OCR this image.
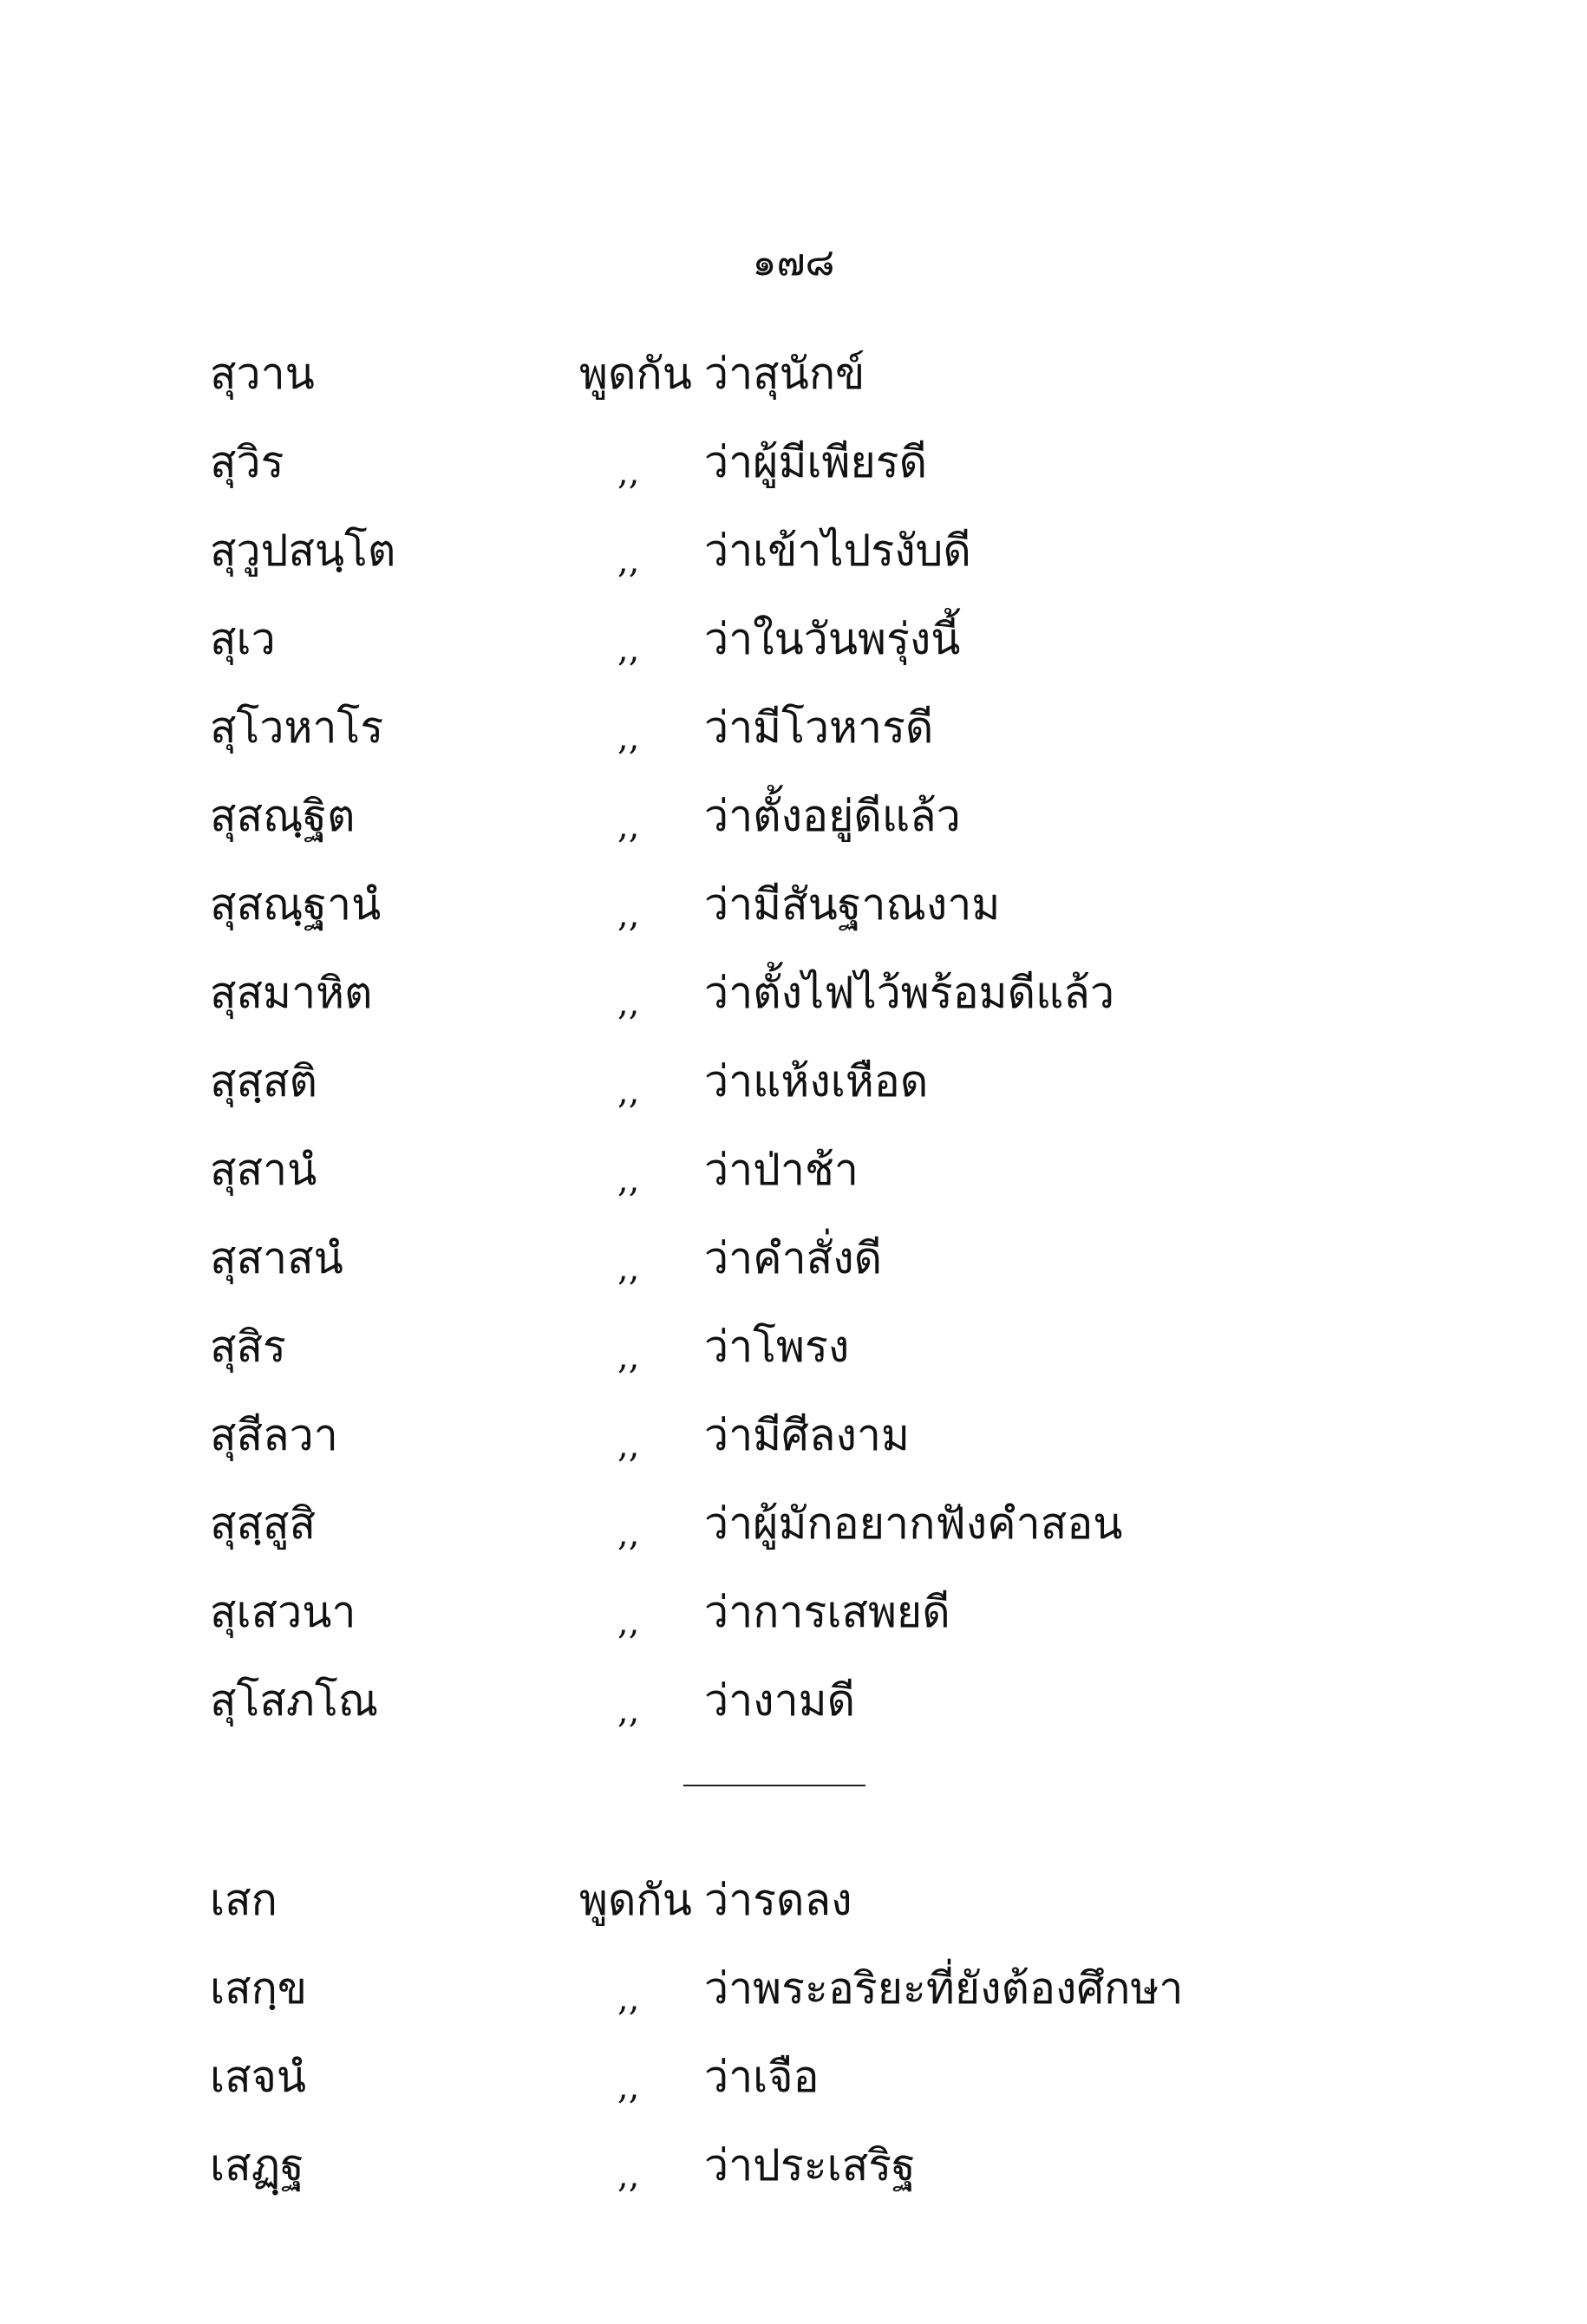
๑๗๘
สุวาน	พูดกัน ว่าสุนักข์
สุวิร	,, ว่าผู้มีเพียรดี
สุวูปสนฺโต	,, ว่าเข้าไปรงับดี
สุเว	,, ว่าในวันพรุ่งนี้
สุโวหาโร	,, ว่ามีโวหารดี
สุสณฺฐิต	,, ว่าตั้งอยู่ดีแล้ว
สุสณฺฐานํ	,, ว่ามีสันฐาณงาม
สุสมาหิต	,, ว่าตั้งไฟไว้พร้อมดีแล้ว
สุสฺสติ	,, ว่าแห้งเหือด
สุสานํ	,, ว่าป่าช้า
สุสาสนํ	,, ว่าคำสั่งดี
สุสิร	,, ว่าโพรง
สุสีลวา	,, ว่ามีศีลงาม
สุสฺสูสิ	,, ว่าผู้มักอยากฟังคำสอน
สุเสวนา	,, ว่าการเสพยดี
สุโสภโณ	,, ว่างามดี
เสก	พูดกัน ว่ารดลง
เสกฺข	,, ว่าพระอริยะที่ยังต้องศึกษา
เสจนํ	,, ว่าเจือ
เสฏฺฐ	,, ว่าประเสริฐ
